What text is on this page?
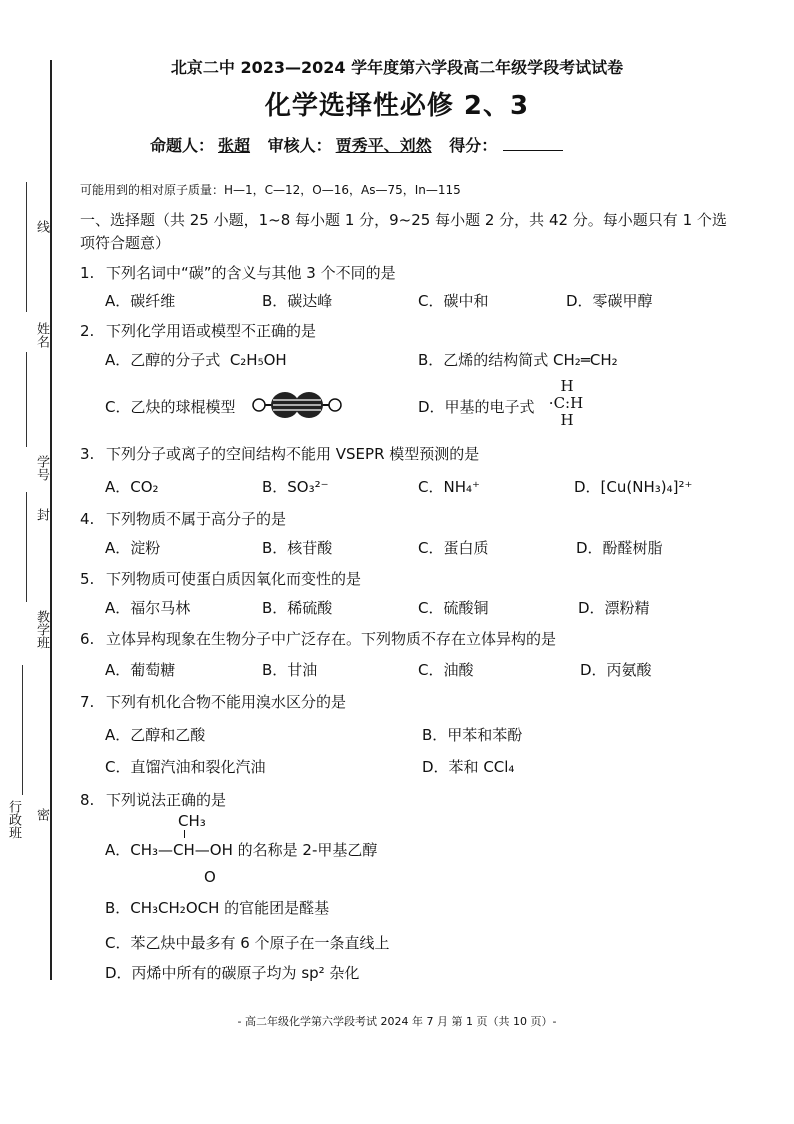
线
姓名
学号
封
教学班
行政班 密
北京二中 2023—2024 学年度第六学段高二年级学段考试试卷
化学选择性必修 2、3
命题人： 张超 审核人： 贾秀平、刘然 得分：
可能用到的相对原子质量：H—1，C—12，O—16，As—75，In—115
一、选择题（共 25 小题，1~8 每小题 1 分，9~25 每小题 2 分，共 42 分。每小题只有 1 个选项符合题意）
1. 下列名词中“碳”的含义与其他 3 个不同的是
A．碳纤维	B．碳达峰	C．碳中和	D．零碳甲醇
2. 下列化学用语或模型不正确的是
A．乙醇的分子式 C₂H₅OH	B．乙烯的结构简式 CH₂═CH₂
C．乙炔的球棍模型	D．甲基的电子式
H
·C:H
H
3. 下列分子或离子的空间结构不能用 VSEPR 模型预测的是
A．CO₂	B．SO₃²⁻	C．NH₄⁺	D．[Cu(NH₃)₄]²⁺
4. 下列物质不属于高分子的是
A．淀粉	B．核苷酸	C．蛋白质	D．酚醛树脂
5. 下列物质可使蛋白质因氧化而变性的是
A．福尔马林	B．稀硫酸	C．硫酸铜	D．漂粉精
6. 立体异构现象在生物分子中广泛存在。下列物质不存在立体异构的是
A．葡萄糖	B．甘油	C．油酸	D．丙氨酸
7. 下列有机化合物不能用溴水区分的是
A．乙醇和乙酸	B．甲苯和苯酚
C．直馏汽油和裂化汽油	D．苯和 CCl₄
8. 下列说法正确的是
CH₃
A．CH₃—CH—OH 的名称是 2-甲基乙醇
O
B．CH₃CH₂OCH 的官能团是醛基
C．苯乙炔中最多有 6 个原子在一条直线上
D．丙烯中所有的碳原子均为 sp² 杂化
- 高二年级化学第六学段考试 2024 年 7 月 第 1 页（共 10 页）-
